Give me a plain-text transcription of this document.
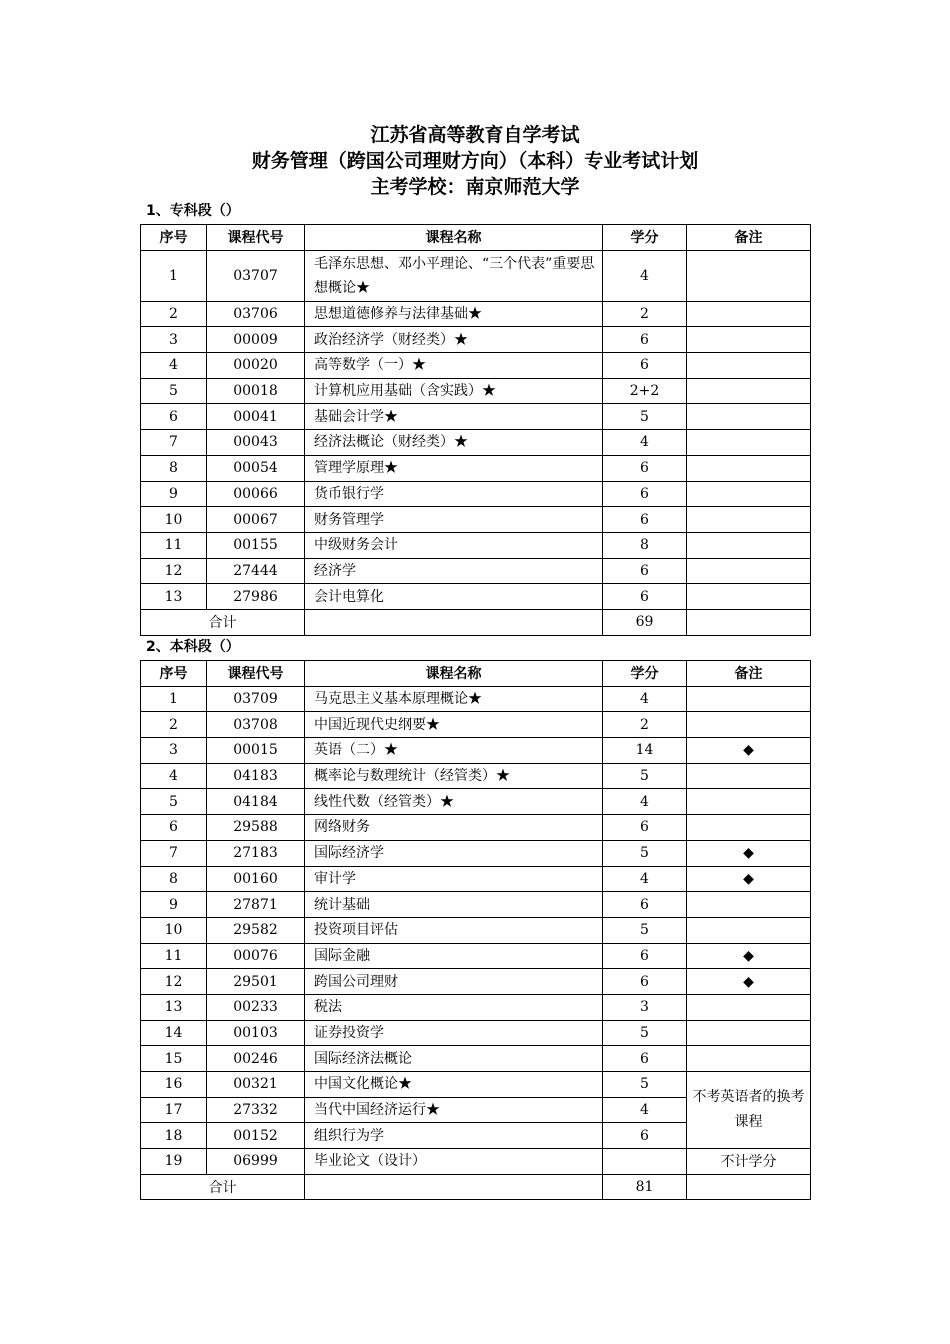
江苏省高等教育自学考试
财务管理（跨国公司理财方向）（本科）专业考试计划
主考学校：南京师范大学
1、专科段（）
序号	课程代号	课程名称	学分	备注
1	03707	毛泽东思想、邓小平理论、“三个代表”重要思想概论★	4	
2	03706	思想道德修养与法律基础★	2	
3	00009	政治经济学（财经类）★	6	
4	00020	高等数学（一）★	6	
5	00018	计算机应用基础（含实践）★	2+2	
6	00041	基础会计学★	5	
7	00043	经济法概论（财经类）★	4	
8	00054	管理学原理★	6	
9	00066	货币银行学	6	
10	00067	财务管理学	6	
11	00155	中级财务会计	8	
12	27444	经济学	6	
13	27986	会计电算化	6	
合计			69	
2、本科段（）
序号	课程代号	课程名称	学分	备注
1	03709	马克思主义基本原理概论★	4	
2	03708	中国近现代史纲要★	2	
3	00015	英语（二）★	14	◆
4	04183	概率论与数理统计（经管类）★	5	
5	04184	线性代数（经管类）★	4	
6	29588	网络财务	6	
7	27183	国际经济学	5	◆
8	00160	审计学	4	◆
9	27871	统计基础	6	
10	29582	投资项目评估	5	
11	00076	国际金融	6	◆
12	29501	跨国公司理财	6	◆
13	00233	税法	3	
14	00103	证券投资学	5	
15	00246	国际经济法概论	6	
16	00321	中国文化概论★	5	不考英语者的换考课程
17	27332	当代中国经济运行★	4	
18	00152	组织行为学	6	
19	06999	毕业论文（设计）		不计学分
合计			81	
